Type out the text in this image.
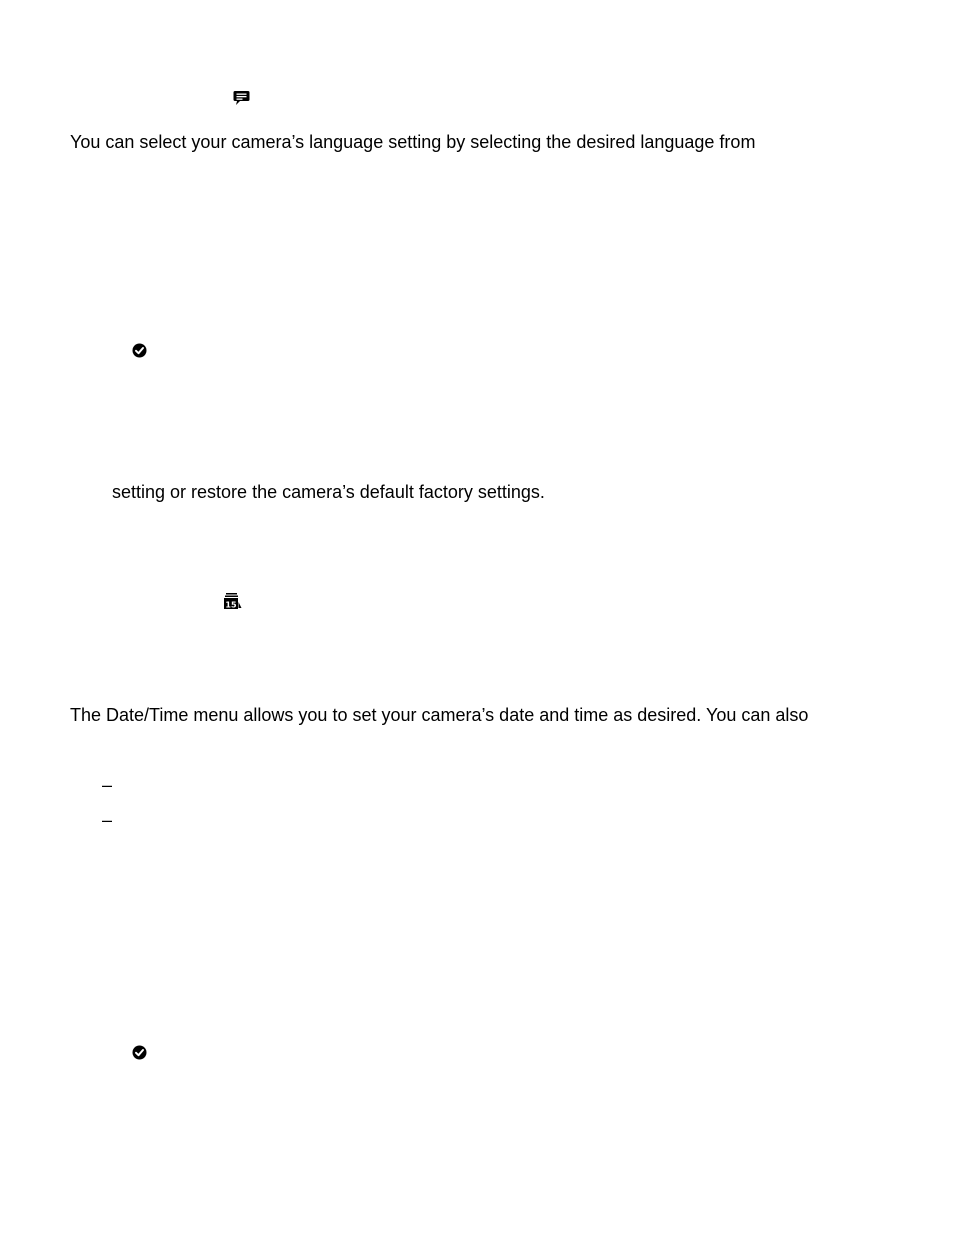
You can select your camera’s language setting by selecting the desired language from
setting or restore the camera’s default factory settings.
15
The Date/Time menu allows you to set your camera’s date and time as desired. You can also
–
–
